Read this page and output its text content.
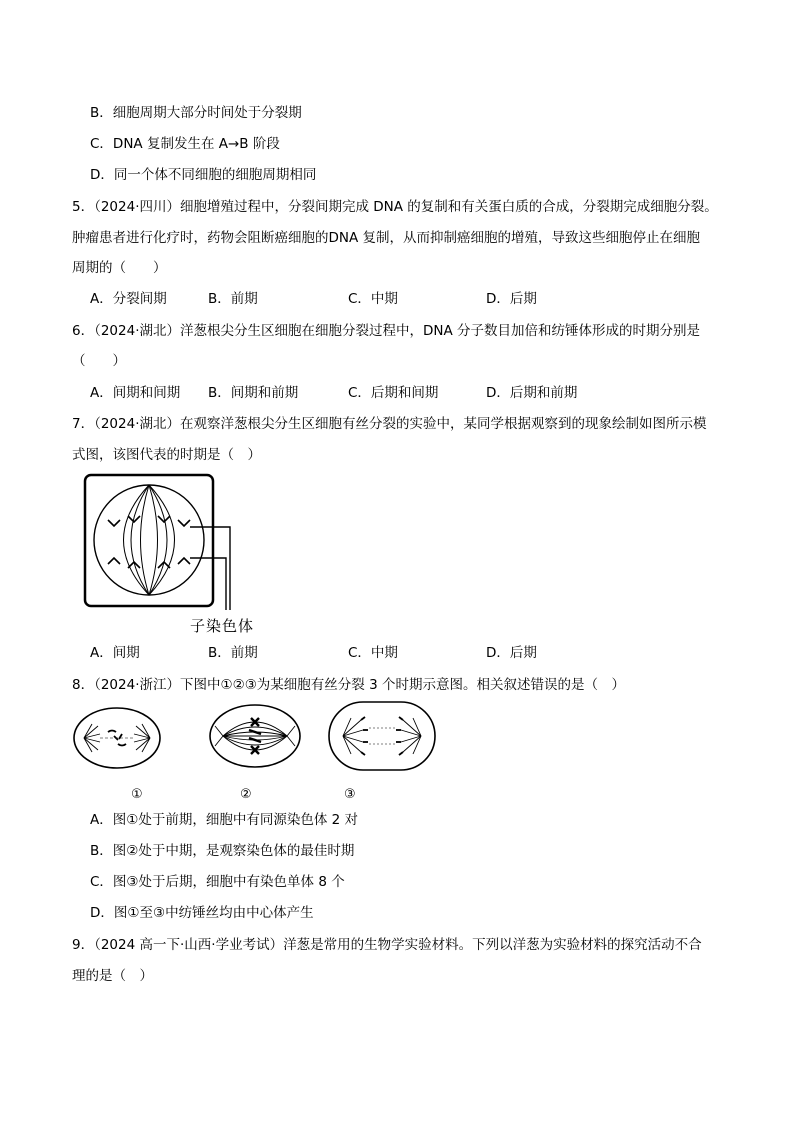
B．细胞周期大部分时间处于分裂期
C．DNA 复制发生在 A→B 阶段
D．同一个体不同细胞的细胞周期相同
5．（2024·四川）细胞增殖过程中，分裂间期完成 DNA 的复制和有关蛋白质的合成，分裂期完成细胞分裂。
肿瘤患者进行化疗时，药物会阻断癌细胞的DNA 复制，从而抑制癌细胞的增殖，导致这些细胞停止在细胞
周期的（　　）
A．分裂间期	B．前期	C．中期	D．后期
6．（2024·湖北）洋葱根尖分生区细胞在细胞分裂过程中，DNA 分子数目加倍和纺锤体形成的时期分别是
（　　）
A．间期和间期	B．间期和前期	C．后期和间期	D．后期和前期
7．（2024·湖北）在观察洋葱根尖分生区细胞有丝分裂的实验中，某同学根据观察到的现象绘制如图所示模
式图，该图代表的时期是（　）
子染色体
A．间期	B．前期	C．中期	D．后期
8．（2024·浙江）下图中①②③为某细胞有丝分裂 3 个时期示意图。相关叙述错误的是（　）
①	②	③
A．图①处于前期，细胞中有同源染色体 2 对
B．图②处于中期，是观察染色体的最佳时期
C．图③处于后期，细胞中有染色单体 8 个
D．图①至③中纺锤丝均由中心体产生
9．（2024 高一下·山西·学业考试）洋葱是常用的生物学实验材料。下列以洋葱为实验材料的探究活动不合
理的是（　）
